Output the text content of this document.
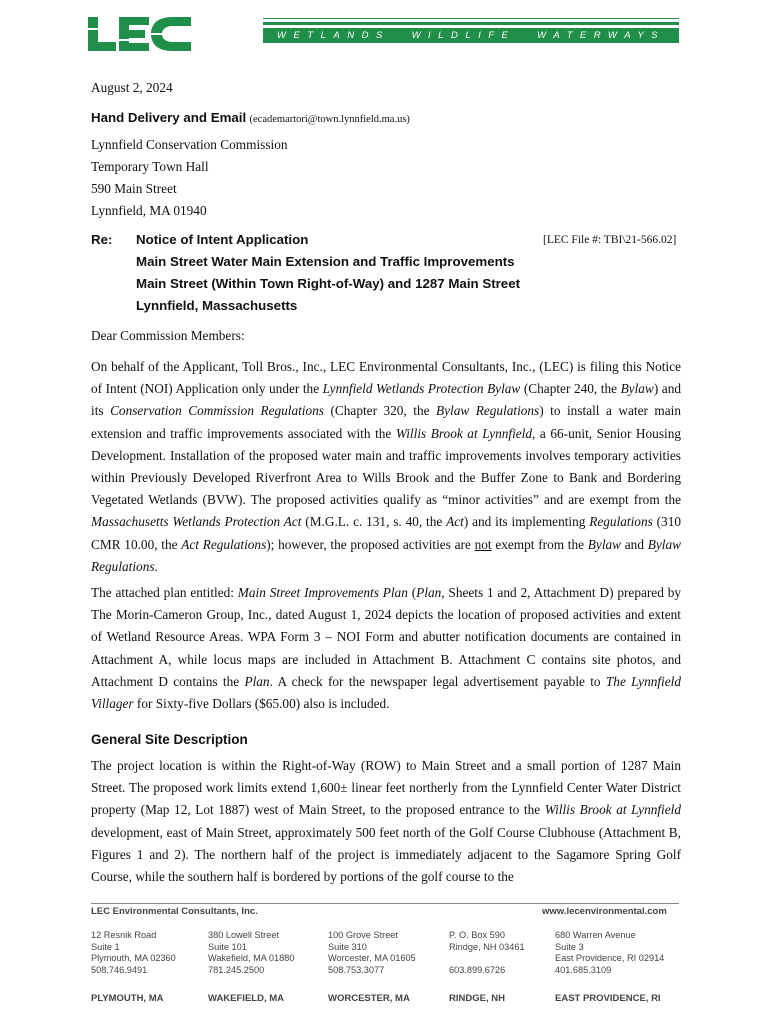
WETLANDS WILDLIFE WATERWAYS
August 2, 2024
Hand Delivery and Email (ecademartori@town.lynnfield.ma.us)
Lynnfield Conservation Commission
Temporary Town Hall
590 Main Street
Lynnfield, MA 01940
Re:	[LEC File #: TBI\21-566.02]
Notice of Intent Application
Main Street Water Main Extension and Traffic Improvements
Main Street (Within Town Right-of-Way) and 1287 Main Street
Lynnfield, Massachusetts
Dear Commission Members:

On behalf of the Applicant, Toll Bros., Inc., LEC Environmental Consultants, Inc., (LEC) is filing this Notice of Intent (NOI) Application only under the Lynnfield Wetlands Protection Bylaw (Chapter 240, the Bylaw) and its Conservation Commission Regulations (Chapter 320, the Bylaw Regulations) to install a water main extension and traffic improvements associated with the Willis Brook at Lynnfield, a 66-unit, Senior Housing Development. Installation of the proposed water main and traffic improvements involves temporary activities within Previously Developed Riverfront Area to Wills Brook and the Buffer Zone to Bank and Bordering Vegetated Wetlands (BVW). The proposed activities qualify as “minor activities” and are exempt from the Massachusetts Wetlands Protection Act (M.G.L. c. 131, s. 40, the Act) and its implementing Regulations (310 CMR 10.00, the Act Regulations); however, the proposed activities are not exempt from the Bylaw and Bylaw Regulations.

The attached plan entitled: Main Street Improvements Plan (Plan, Sheets 1 and 2, Attachment D) prepared by The Morin-Cameron Group, Inc., dated August 1, 2024 depicts the location of proposed activities and extent of Wetland Resource Areas. WPA Form 3 – NOI Form and abutter notification documents are contained in Attachment A, while locus maps are included in Attachment B. Attachment C contains site photos, and Attachment D contains the Plan. A check for the newspaper legal advertisement payable to The Lynnfield Villager for Sixty-five Dollars ($65.00) also is included.

General Site Description

The project location is within the Right-of-Way (ROW) to Main Street and a small portion of 1287 Main Street. The proposed work limits extend 1,600± linear feet northerly from the Lynnfield Center Water District property (Map 12, Lot 1887) west of Main Street, to the proposed entrance to the Willis Brook at Lynnfield development, east of Main Street, approximately 500 feet north of the Golf Course Clubhouse (Attachment B, Figures 1 and 2). The northern half of the project is immediately adjacent to the Sagamore Spring Golf Course, while the southern half is bordered by portions of the golf course to the

LEC Environmental Consultants, Inc.	www.lecenvironmental.com
12 Resnik Road
Suite 1
Plymouth, MA 02360
508.746.9491
380 Lowell Street
Suite 101
Wakefield, MA 01880
781.245.2500
100 Grove Street
Suite 310
Worcester, MA 01605
508.753.3077
P. O. Box 590
Rindge, NH 03461
603.899.6726
680 Warren Avenue
Suite 3
East Providence, RI 02914
401.685.3109
PLYMOUTH, MA	WAKEFIELD, MA	WORCESTER, MA	RINDGE, NH	EAST PROVIDENCE, RI
